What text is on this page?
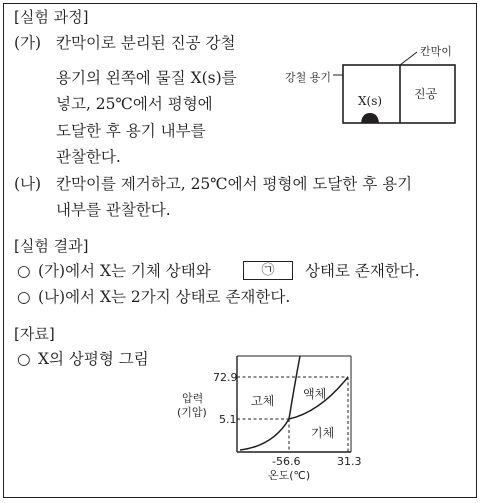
[실험 과정]
(가) 칸막이로 분리된 진공 강철
용기의 왼쪽에 물질 X(s)를
넣고, 25℃에서 평형에
도달한 후 용기 내부를
관찰한다.
칸막이
강철 용기
X(s)	진공
(나) 칸막이를 제거하고, 25℃에서 평형에 도달한 후 용기
내부를 관찰한다.
[실험 결과]
○ (가)에서 X는 기체 상태와	㉠	상태로 존재한다.
○ (나)에서 X는 2가지 상태로 존재한다.
[자료]
○ X의 상평형 그림
72.9
5.1
압력
(기압)
-56.6	31.3
온도(℃)
고체 액체
기체
